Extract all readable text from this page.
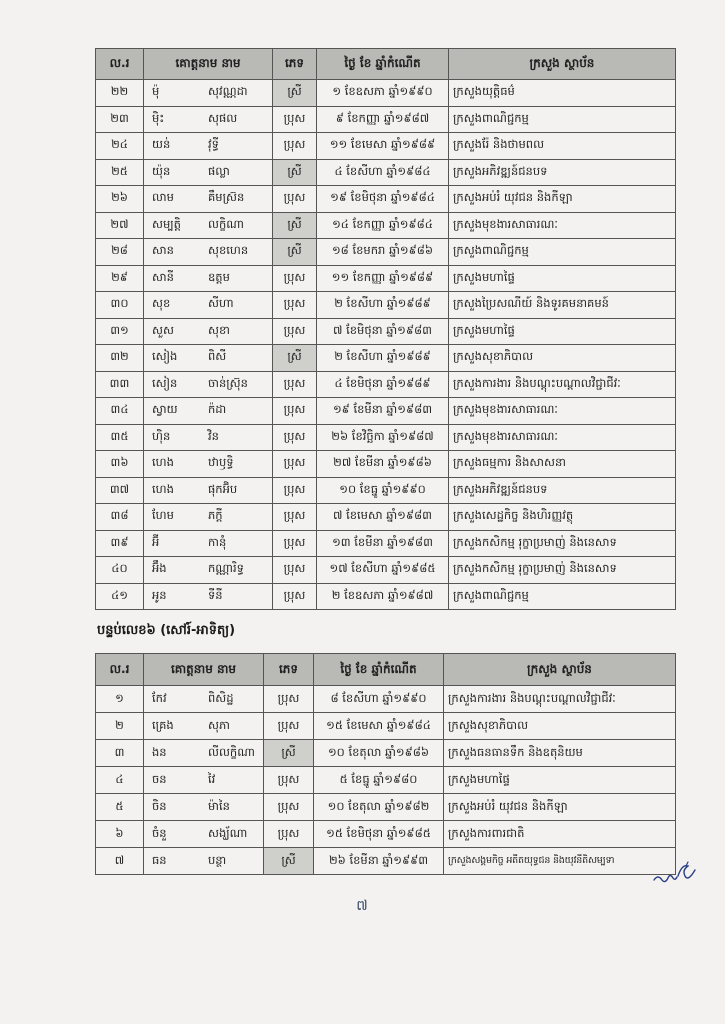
ល.រ	គោត្តនាម នាម	ភេទ	ថ្ងៃ ខែ ឆ្នាំកំណើត	ក្រសួង ស្ថាប័ន
២២	ម៉ុ សុវណ្ណដា	ស្រី	១ ខែឧសភា ឆ្នាំ១៩៩០	ក្រសួងយុត្តិធម៌
២៣	ម៉ិះ សុផល	ប្រុស	៩ ខែកញ្ញា ឆ្នាំ១៩៨៧	ក្រសួងពាណិជ្ជកម្ម
២៤	យន់ វុទ្ធី	ប្រុស	១១ ខែមេសា ឆ្នាំ១៩៨៩	ក្រសួងរ៉ែ និងថាមពល
២៥	យ៉ុន ផល្លា	ស្រី	៤ ខែសីហា ឆ្នាំ១៩៨៤	ក្រសួងអភិវឌ្ឍន៍ជនបទ
២៦	លាម គឹមស្រ៊ន	ប្រុស	១៩ ខែមិថុនា ឆ្នាំ១៩៨៤	ក្រសួងអប់រំ យុវជន និងកីឡា
២៧	សម្បត្តិ លក្ខិណា	ស្រី	១៤ ខែកញ្ញា ឆ្នាំ១៩៨៤	ក្រសួងមុខងារសាធារណៈ
២៨	សាន សុខហេន	ស្រី	១៨ ខែមករា ឆ្នាំ១៩៨៦	ក្រសួងពាណិជ្ជកម្ម
២៩	សានី ឧត្ដម	ប្រុស	១១ ខែកញ្ញា ឆ្នាំ១៩៨៩	ក្រសួងមហាផ្ទៃ
៣០	សុខ សីហា	ប្រុស	២ ខែសីហា ឆ្នាំ១៩៨៩	ក្រសួងប្រៃសណីយ៍ និងទូរគមនាគមន៍
៣១	សួស សុខា	ប្រុស	៧ ខែមិថុនា ឆ្នាំ១៩៨៣	ក្រសួងមហាផ្ទៃ
៣២	សៀង ពិសី	ស្រី	២ ខែសីហា ឆ្នាំ១៩៨៩	ក្រសួងសុខាភិបាល
៣៣	សៀន ចាន់ស្រ៊ុន	ប្រុស	៤ ខែមិថុនា ឆ្នាំ១៩៨៩	ក្រសួងការងារ និងបណ្តុះបណ្តាលវិជ្ជាជីវៈ
៣៤	ស្វាយ ក៉ដា	ប្រុស	១៩ ខែមីនា ឆ្នាំ១៩៨៣	ក្រសួងមុខងារសាធារណៈ
៣៥	ហ៊ិន វិន	ប្រុស	២៦ ខែវិច្ឆិកា ឆ្នាំ១៩៨៧	ក្រសួងមុខងារសាធារណៈ
៣៦	ហេង ឋាឫទ្ធិ	ប្រុស	២៧ ខែមីនា ឆ្នាំ១៩៨៦	ក្រសួងធម្មការ និងសាសនា
៣៧	ហេង ផុកអ៊ិប	ប្រុស	១០ ខែធ្នូ ឆ្នាំ១៩៩០	ក្រសួងអភិវឌ្ឍន៍ជនបទ
៣៨	ហែម ភក្តី	ប្រុស	៧ ខែមេសា ឆ្នាំ១៩៨៣	ក្រសួងសេដ្ឋកិច្ច និងហិរញ្ញវត្ថុ
៣៩	អ៊ី កានុំ	ប្រុស	១៣ ខែមីនា ឆ្នាំ១៩៨៣	ក្រសួងកសិកម្ម រុក្ខាប្រមាញ់ និងនេសាទ
៤០	អ៊ឹង កណ្ណារិទ្ធ	ប្រុស	១៧ ខែសីហា ឆ្នាំ១៩៨៥	ក្រសួងកសិកម្ម រុក្ខាប្រមាញ់ និងនេសាទ
៤១	អូន ទីនី	ប្រុស	២ ខែឧសភា ឆ្នាំ១៩៨៧	ក្រសួងពាណិជ្ជកម្ម
បន្ទប់លេខ៦ (សៅរ៍-អាទិត្យ)
ល.រ	គោត្តនាម នាម	ភេទ	ថ្ងៃ ខែ ឆ្នាំកំណើត	ក្រសួង ស្ថាប័ន
១	កែវ ពិសិដ្ឋ	ប្រុស	៨ ខែសីហា ឆ្នាំ១៩៩០	ក្រសួងការងារ និងបណ្តុះបណ្តាលវិជ្ជាជីវៈ
២	គ្រេង សុភា	ប្រុស	១៥ ខែមេសា ឆ្នាំ១៩៨៤	ក្រសួងសុខាភិបាល
៣	ងន លីលក្ខិណា	ស្រី	១០ ខែតុលា ឆ្នាំ១៩៨៦	ក្រសួងធនធានទឹក និងឧតុនិយម
៤	ចន វៃ	ប្រុស	៥ ខែធ្នូ ឆ្នាំ១៩៨០	ក្រសួងមហាផ្ទៃ
៥	ចិន ម៉ានៃ	ប្រុស	១០ ខែតុលា ឆ្នាំ១៩៨២	ក្រសួងអប់រំ យុវជន និងកីឡា
៦	ចំនួ សង្ឃ័ណា	ប្រុស	១៥ ខែមិថុនា ឆ្នាំ១៩៨៥	ក្រសួងការពារជាតិ
៧	ធន បន្ថា	ស្រី	២៦ ខែមីនា ឆ្នាំ១៩៩៣	ក្រសួងសង្គមកិច្ច អតីតយុទ្ធជន និងយុវនីតិសម្បទា
៧
